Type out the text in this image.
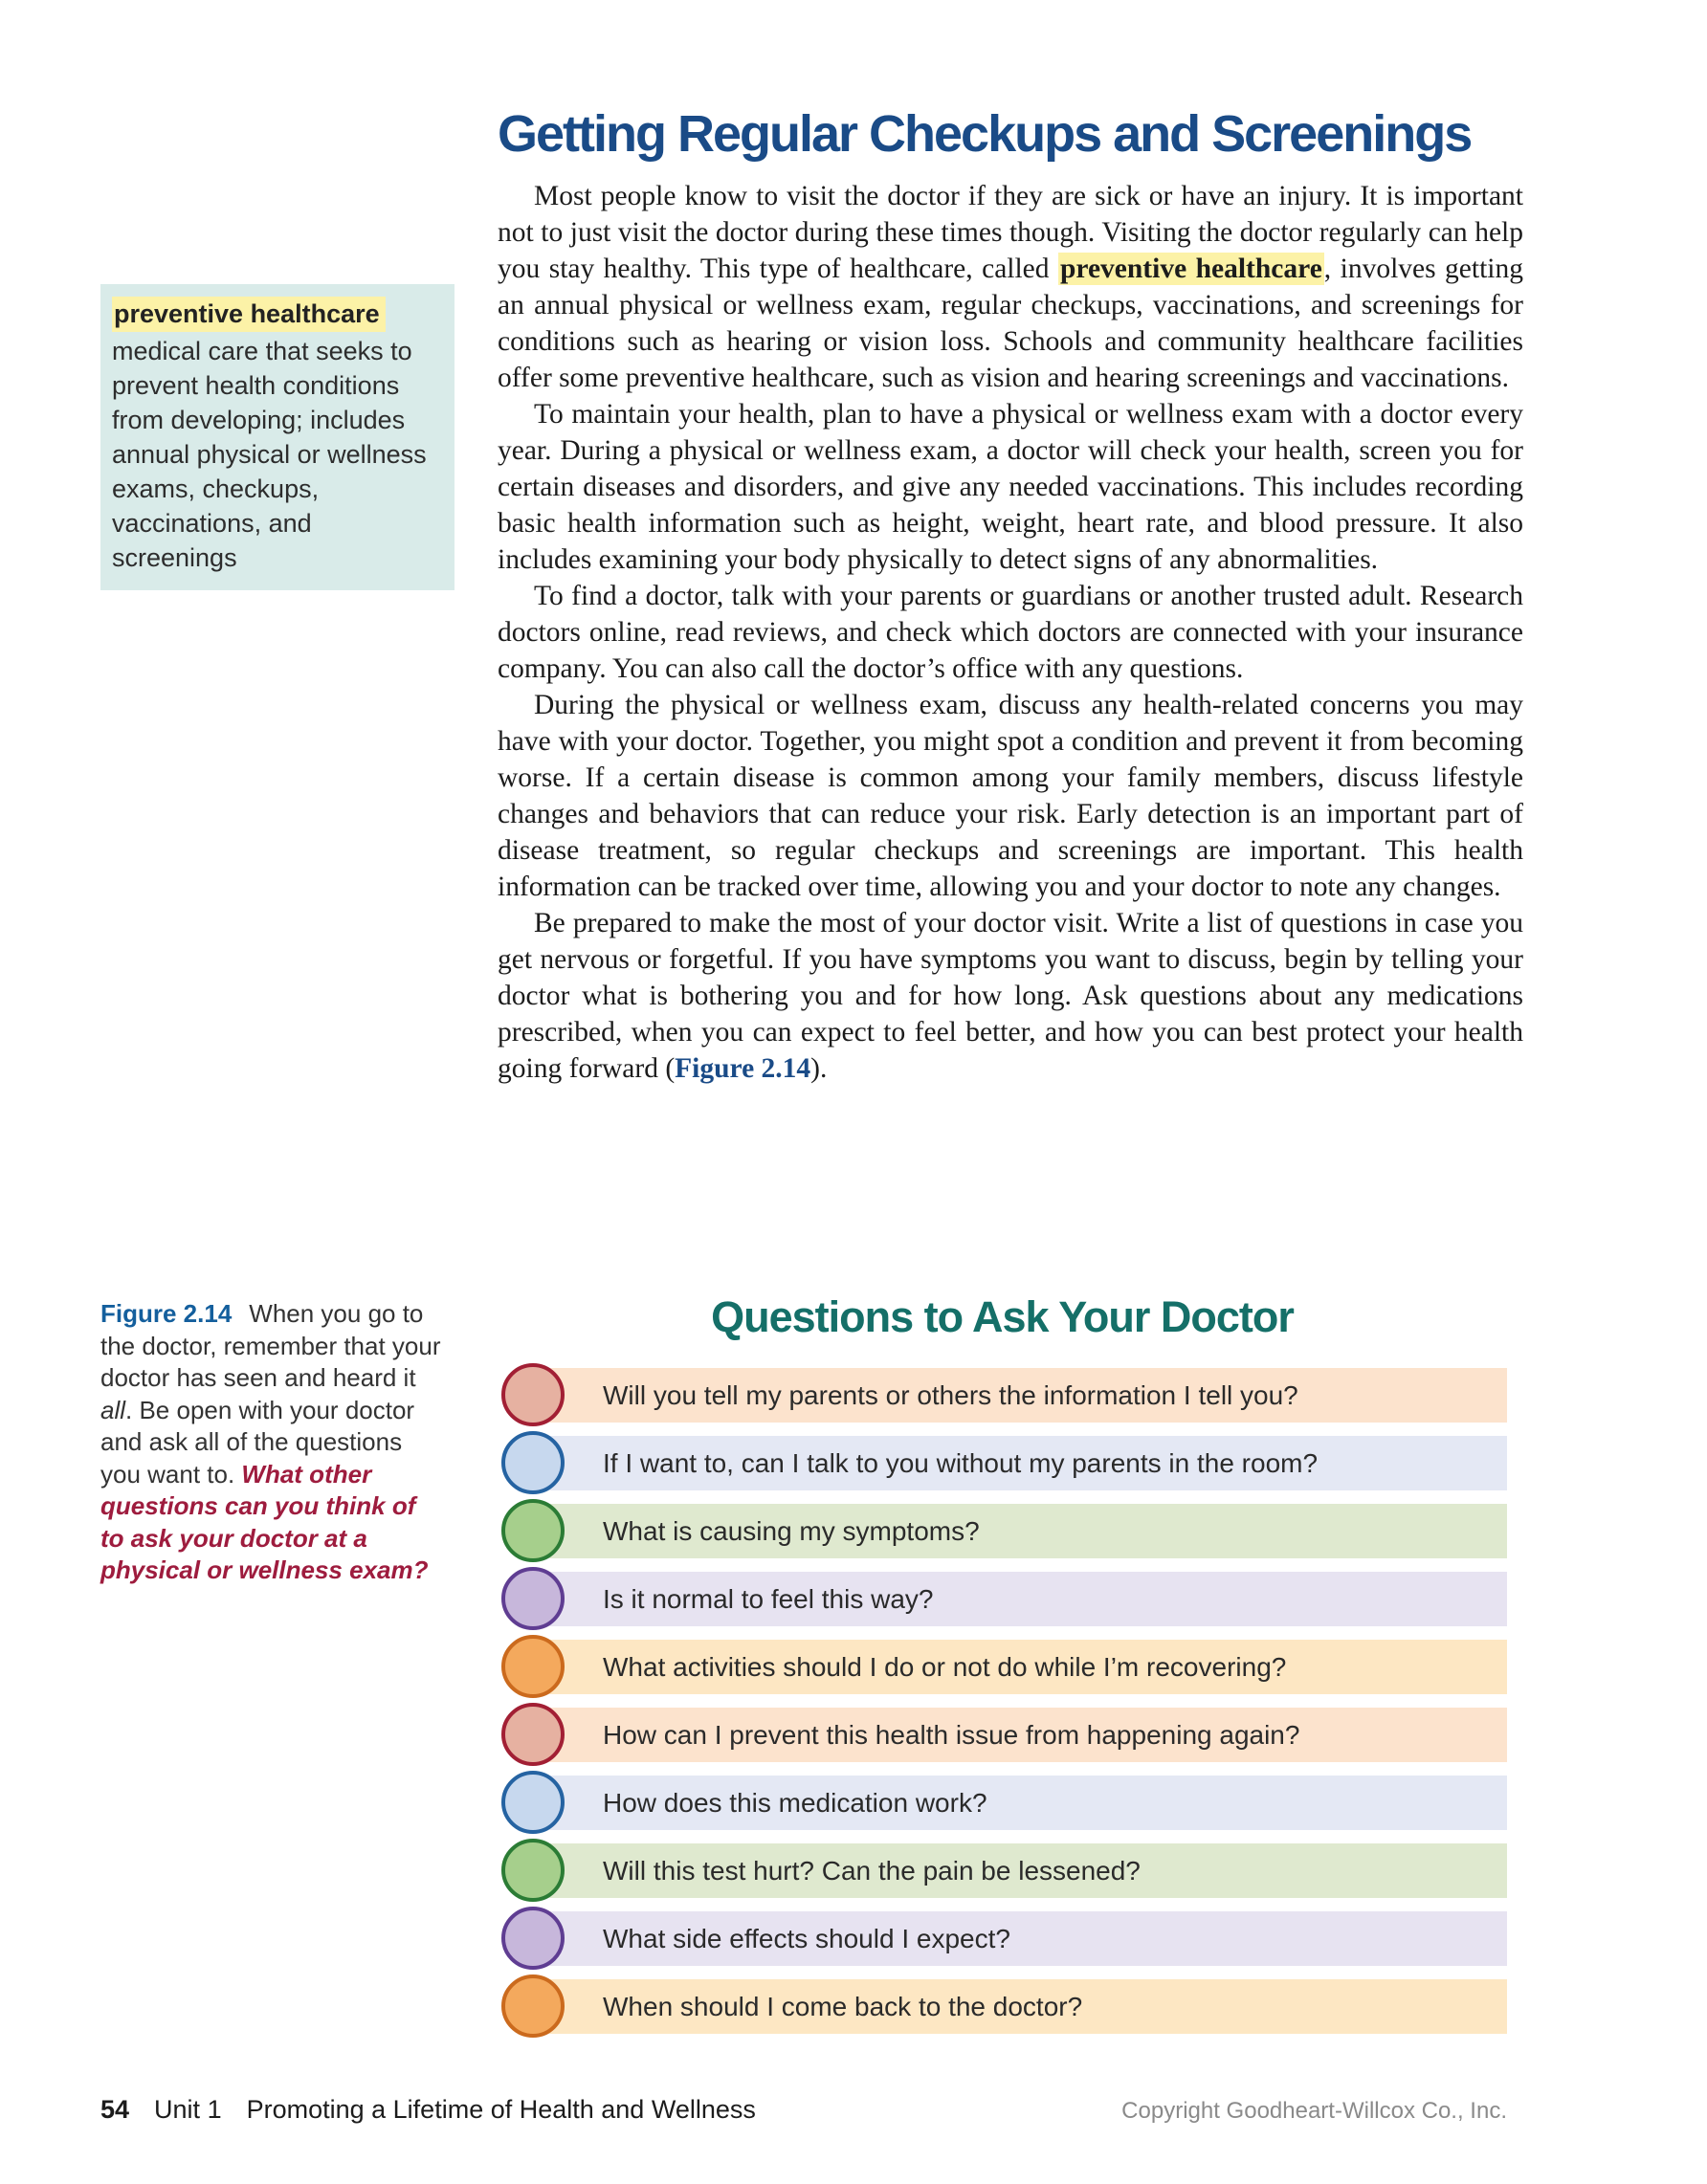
Getting Regular Checkups and Screenings

Most people know to visit the doctor if they are sick or have an injury. It is important not to just visit the doctor during these times though. Visiting the doctor regularly can help you stay healthy. This type of healthcare, called preventive healthcare, involves getting an annual physical or wellness exam, regular checkups, vaccinations, and screenings for conditions such as hearing or vision loss. Schools and community healthcare facilities offer some preventive healthcare, such as vision and hearing screenings and vaccinations.

To maintain your health, plan to have a physical or wellness exam with a doctor every year. During a physical or wellness exam, a doctor will check your health, screen you for certain diseases and disorders, and give any needed vaccinations. This includes recording basic health information such as height, weight, heart rate, and blood pressure. It also includes examining your body physically to detect signs of any abnormalities.

To find a doctor, talk with your parents or guardians or another trusted adult. Research doctors online, read reviews, and check which doctors are connected with your insurance company. You can also call the doctor’s office with any questions.

During the physical or wellness exam, discuss any health-related concerns you may have with your doctor. Together, you might spot a condition and prevent it from becoming worse. If a certain disease is common among your family members, discuss lifestyle changes and behaviors that can reduce your risk. Early detection is an important part of disease treatment, so regular checkups and screenings are important. This health information can be tracked over time, allowing you and your doctor to note any changes.

Be prepared to make the most of your doctor visit. Write a list of questions in case you get nervous or forgetful. If you have symptoms you want to discuss, begin by telling your doctor what is bothering you and for how long. Ask questions about any medications prescribed, when you can expect to feel better, and how you can best protect your health going forward (Figure 2.14).

preventive healthcare
medical care that seeks to prevent health conditions from developing; includes annual physical or wellness exams, checkups, vaccinations, and screenings
Figure 2.14 When you go to the doctor, remember that your doctor has seen and heard it all. Be open with your doctor and ask all of the questions you want to. What other questions can you think of to ask your doctor at a physical or wellness exam?
Questions to Ask Your Doctor
Will you tell my parents or others the information I tell you?
If I want to, can I talk to you without my parents in the room?
What is causing my symptoms?
Is it normal to feel this way?
What activities should I do or not do while I’m recovering?
How can I prevent this health issue from happening again?
How does this medication work?
Will this test hurt? Can the pain be lessened?
What side effects should I expect?
When should I come back to the doctor?
54 Unit 1 Promoting a Lifetime of Health and Wellness	Copyright Goodheart-Willcox Co., Inc.
